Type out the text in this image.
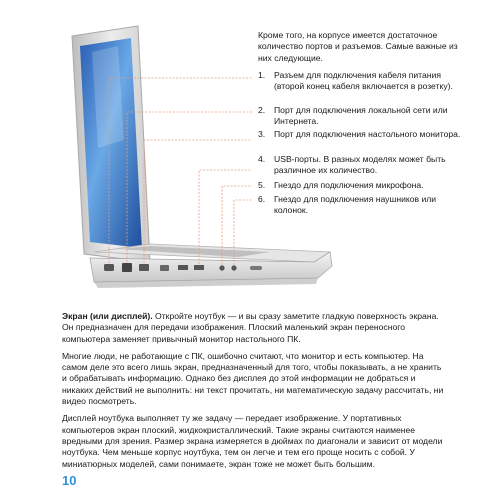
Кроме того, на корпусе имеется достаточное количество портов и разъемов. Самые важные из них следующие.

1.	Разъем для подключения кабеля питания (второй конец кабеля включается в розетку).
2.	Порт для подключения локальной сети или Интернета.
3.	Порт для подключения настольного монитора.
4.	USB-порты. В разных моделях может быть различное их количество.
5.	Гнездо для подключения микрофона.
6.	Гнездо для подключения наушников или колонок.

Экран (или дисплей). Откройте ноутбук — и вы сразу заметите гладкую поверхность экрана. Он предназначен для передачи изображения. Плоский маленький экран переносного компьютера заменяет привычный монитор настольного ПК.

Многие люди, не работающие с ПК, ошибочно считают, что монитор и есть компьютер. На самом деле это всего лишь экран, предназначенный для того, чтобы показывать, а не хранить и обрабатывать информацию. Однако без дисплея до этой информации не добраться и никаких действий не выполнить: ни текст прочитать, ни математическую задачу рассчитать, ни видео посмотреть.

Дисплей ноутбука выполняет ту же задачу — передает изображение. У портативных компьютеров экран плоский, жидкокристаллический. Такие экраны считаются наименее вредными для зрения. Размер экрана измеряется в дюймах по диагонали и зависит от модели ноутбука. Чем меньше корпус ноутбука, тем он легче и тем его проще носить с собой. У миниатюрных моделей, сами понимаете, экран тоже не может быть большим.

10
